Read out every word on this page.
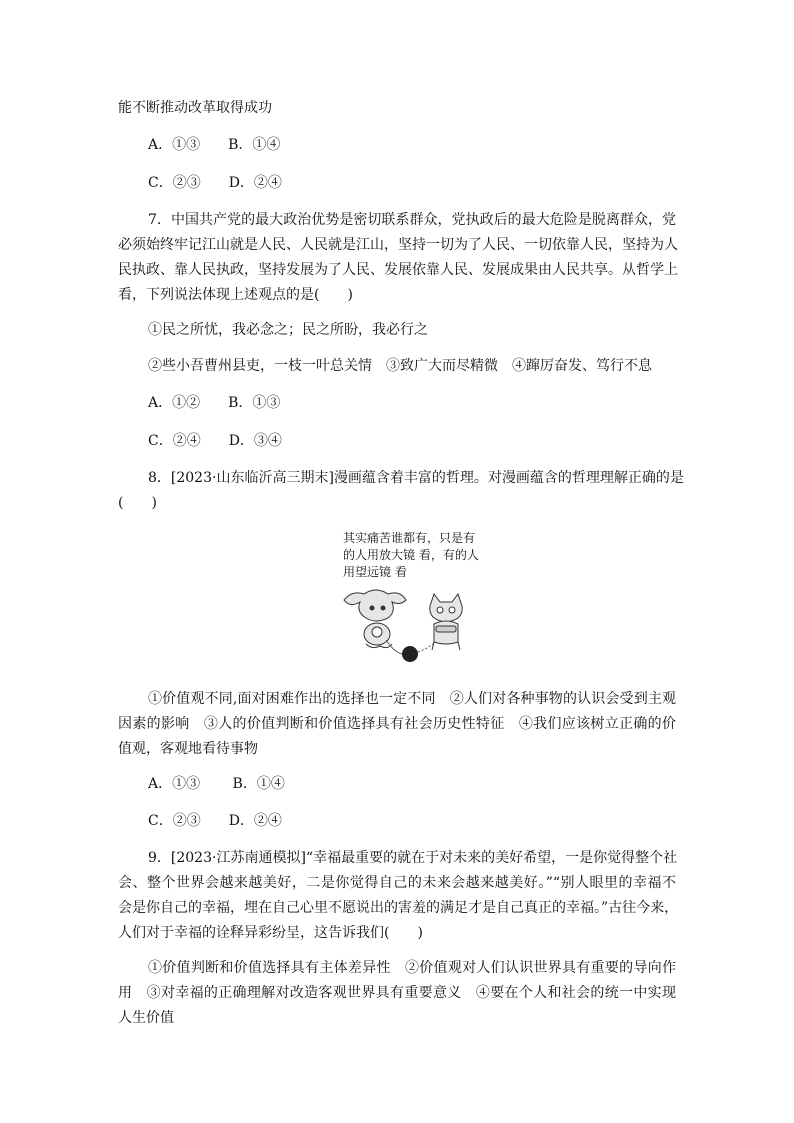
能不断推动改革取得成功
A．①③　　B．①④
C．②③　　D．②④
7．中国共产党的最大政治优势是密切联系群众，党执政后的最大危险是脱离群众，党
必须始终牢记江山就是人民、人民就是江山，坚持一切为了人民、一切依靠人民，坚持为人
民执政、靠人民执政，坚持发展为了人民、发展依靠人民、发展成果由人民共享。从哲学上
看，下列说法体现上述观点的是(　　)
①民之所忧，我必念之；民之所盼，我必行之
②些小吾曹州县吏，一枝一叶总关情　③致广大而尽精微　④蹿厉奋发、笃行不息
A．①②　　B．①③
C．②④　　D．③④
8．[2023·山东临沂高三期末]漫画蕴含着丰富的哲理。对漫画蕴含的哲理理解正确的是
(　　)
其实痛苦谁都有，只是有
的人用放大镜 看，有的人
用望远镜 看
①价值观不同,面对困难作出的选择也一定不同　②人们对各种事物的认识会受到主观
因素的影响　③人的价值判断和价值选择具有社会历史性特征　④我们应该树立正确的价
值观，客观地看待事物
A．①③　　 B．①④
C．②③　　D．②④
9．[2023·江苏南通模拟]“幸福最重要的就在于对未来的美好希望，一是你觉得整个社
会、整个世界会越来越美好，二是你觉得自己的未来会越来越美好。”“别人眼里的幸福不
会是你自己的幸福，埋在自己心里不愿说出的害羞的满足才是自己真正的幸福。”古往今来，
人们对于幸福的诠释异彩纷呈，这告诉我们(　　)
①价值判断和价值选择具有主体差异性　②价值观对人们认识世界具有重要的导向作
用　③对幸福的正确理解对改造客观世界具有重要意义　④要在个人和社会的统一中实现
人生价值
